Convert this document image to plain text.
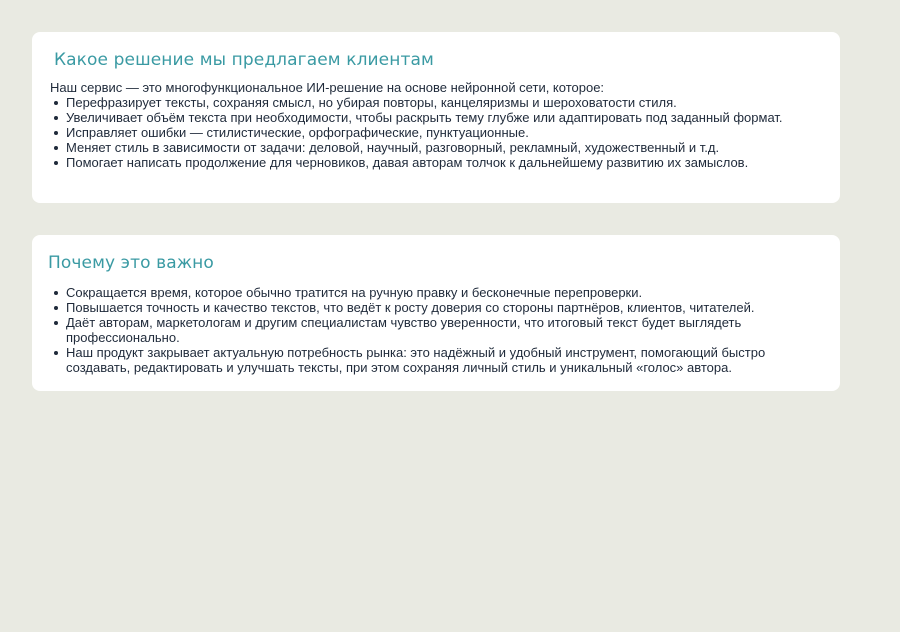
Какое решение мы предлагаем клиентам

Наш сервис — это многофункциональное ИИ-решение на основе нейронной сети, которое:

Перефразирует тексты, сохраняя смысл, но убирая повторы, канцеляризмы и шероховатости стиля.
Увеличивает объём текста при необходимости, чтобы раскрыть тему глубже или адаптировать под заданный формат.
Исправляет ошибки — стилистические, орфографические, пунктуационные.
Меняет стиль в зависимости от задачи: деловой, научный, разговорный, рекламный, художественный и т.д.
Помогает написать продолжение для черновиков, давая авторам толчок к дальнейшему развитию их замыслов.
Почему это важно
Сокращается время, которое обычно тратится на ручную правку и бесконечные перепроверки.
Повышается точность и качество текстов, что ведёт к росту доверия со стороны партнёров, клиентов, читателей.
Даёт авторам, маркетологам и другим специалистам чувство уверенности, что итоговый текст будет выглядеть профессионально.
Наш продукт закрывает актуальную потребность рынка: это надёжный и удобный инструмент, помогающий быстро создавать, редактировать и улучшать тексты, при этом сохраняя личный стиль и уникальный «голос» автора.
